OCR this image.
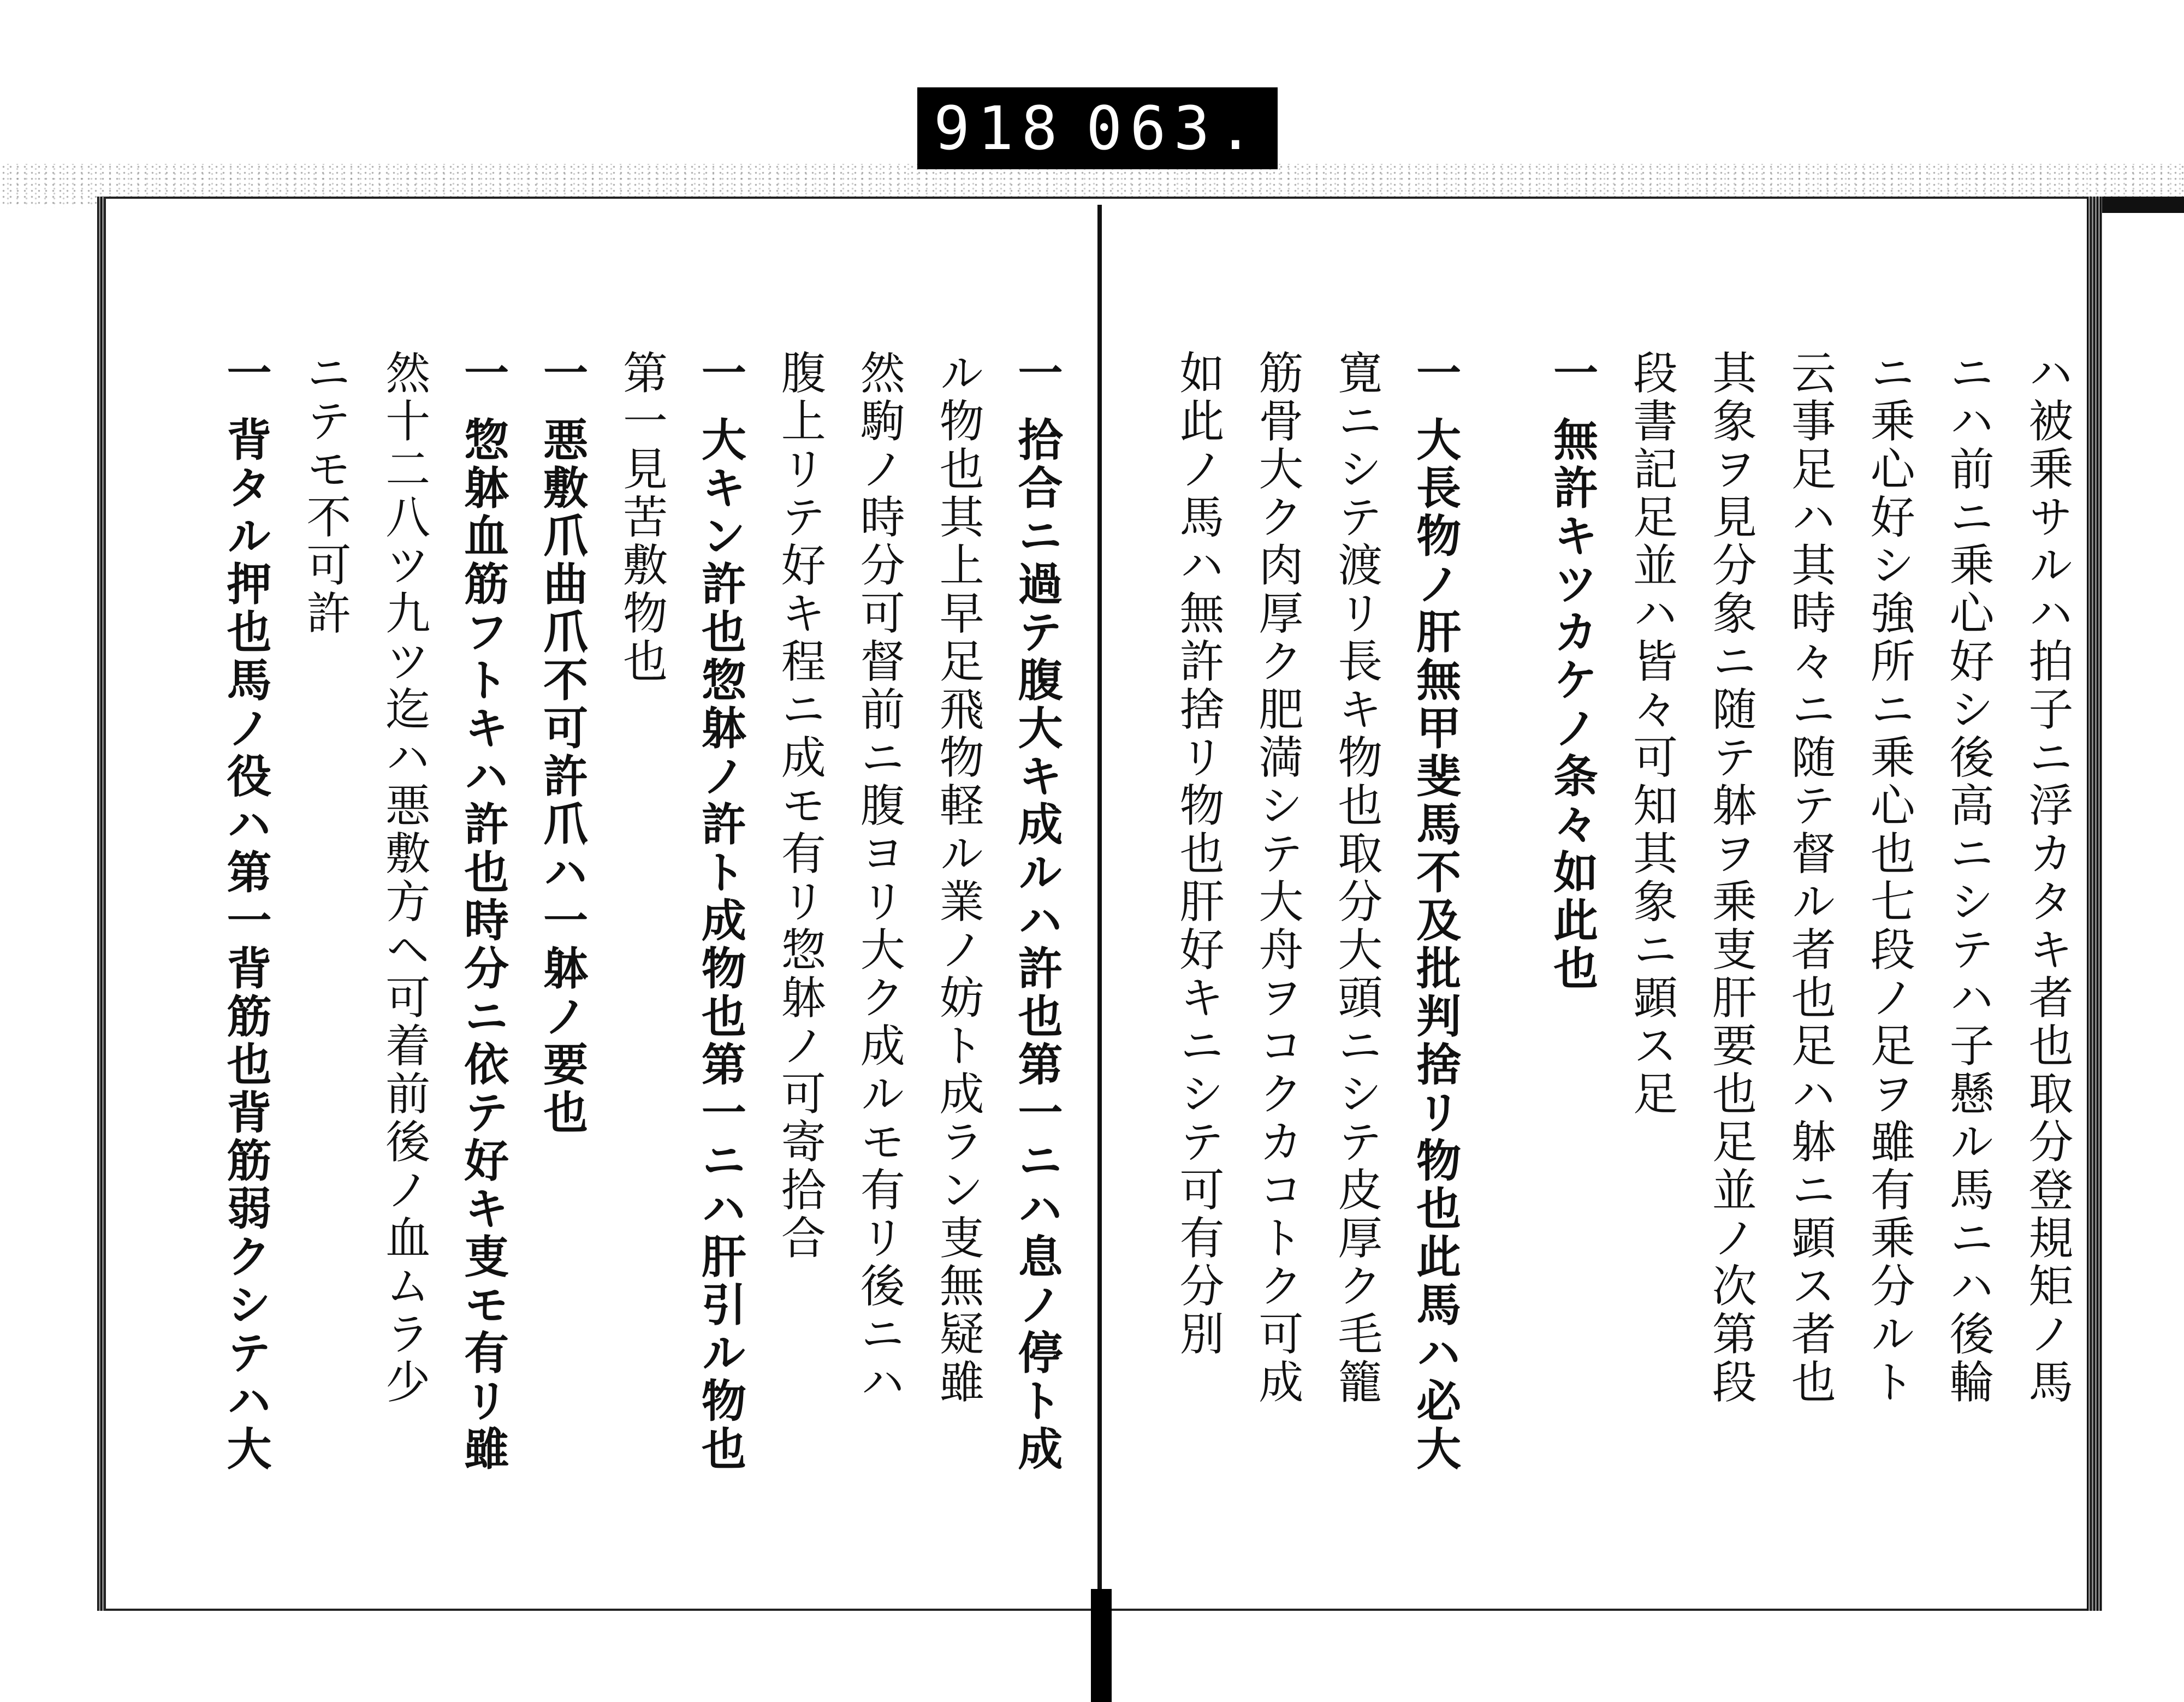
918 063.
ハ被乗サルハ拍子ニ浮カタキ者也取分登規矩ノ馬
ニハ前ニ乗心好シ後高ニシテハ子懸ル馬ニハ後輪
ニ乗心好シ強所ニ乗心也七段ノ足ヲ雖有乗分ルト
云事足ハ其時々ニ随テ督ル者也足ハ躰ニ顕ス者也
其象ヲ見分象ニ随テ躰ヲ乗叓肝要也足並ノ次第段
段書記足並ハ皆々可知其象ニ顕ス足
一 無許キツカケノ条々如此也
一 大長物ノ肝無甲斐馬不及批判捨リ物也此馬ハ必大
寛ニシテ渡リ長キ物也取分大頭ニシテ皮厚ク毛籠
筋骨大ク肉厚ク肥満シテ大舟ヲコクカコトク可成
如此ノ馬ハ無許捨リ物也肝好キニシテ可有分別
一 拾合ニ過テ腹大キ成ルハ許也第一ニハ息ノ停ト成
ル物也其上早足飛物軽ル業ノ妨ト成ラン叓無疑雖
然駒ノ時分可督前ニ腹ヨリ大ク成ルモ有リ後ニハ
腹上リテ好キ程ニ成モ有リ惣躰ノ可寄拾合
一 大キン許也惣躰ノ許ト成物也第一ニハ肝引ル物也
第一見苦敷物也
一 悪敷爪曲爪不可許爪ハ一躰ノ要也
一 惣躰血筋フトキハ許也時分ニ依テ好キ叓モ有リ雖
然十二八ツ九ツ迄ハ悪敷方ヘ可着前後ノ血ムラ少
ニテモ不可許
一 背タル押也馬ノ役ハ第一背筋也背筋弱クシテハ大
